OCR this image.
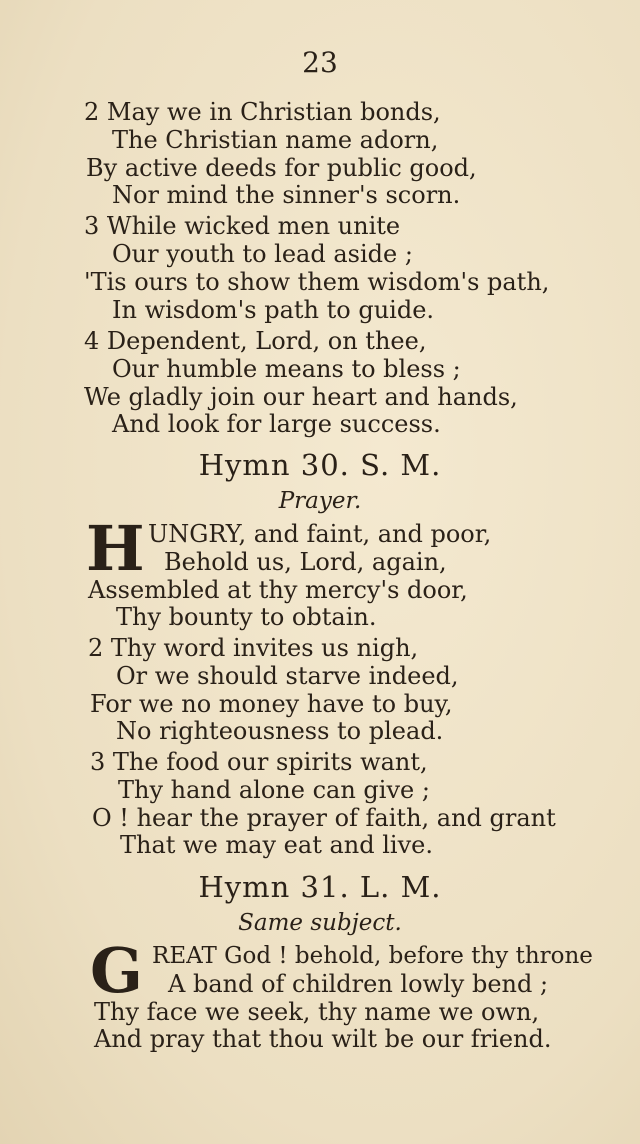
23
2 May we in Christian bonds,
The Christian name adorn,
By active deeds for public good,
Nor mind the sinner's scorn.
3 While wicked men unite
Our youth to lead aside ;
'Tis ours to show them wisdom's path,
In wisdom's path to guide.
4 Dependent, Lord, on thee,
Our humble means to bless ;
We gladly join our heart and hands,
And look for large success.
Hymn 30. S. M.
Prayer.
H UNGRY, and faint, and poor,
Behold us, Lord, again,
Assembled at thy mercy's door,
Thy bounty to obtain.
2 Thy word invites us nigh,
Or we should starve indeed,
For we no money have to buy,
No righteousness to plead.
3 The food our spirits want,
Thy hand alone can give ;
O ! hear the prayer of faith, and grant
That we may eat and live.
Hymn 31. L. M.
Same subject.
G REAT God ! behold, before thy throne
A band of children lowly bend ;
Thy face we seek, thy name we own,
And pray that thou wilt be our friend.
